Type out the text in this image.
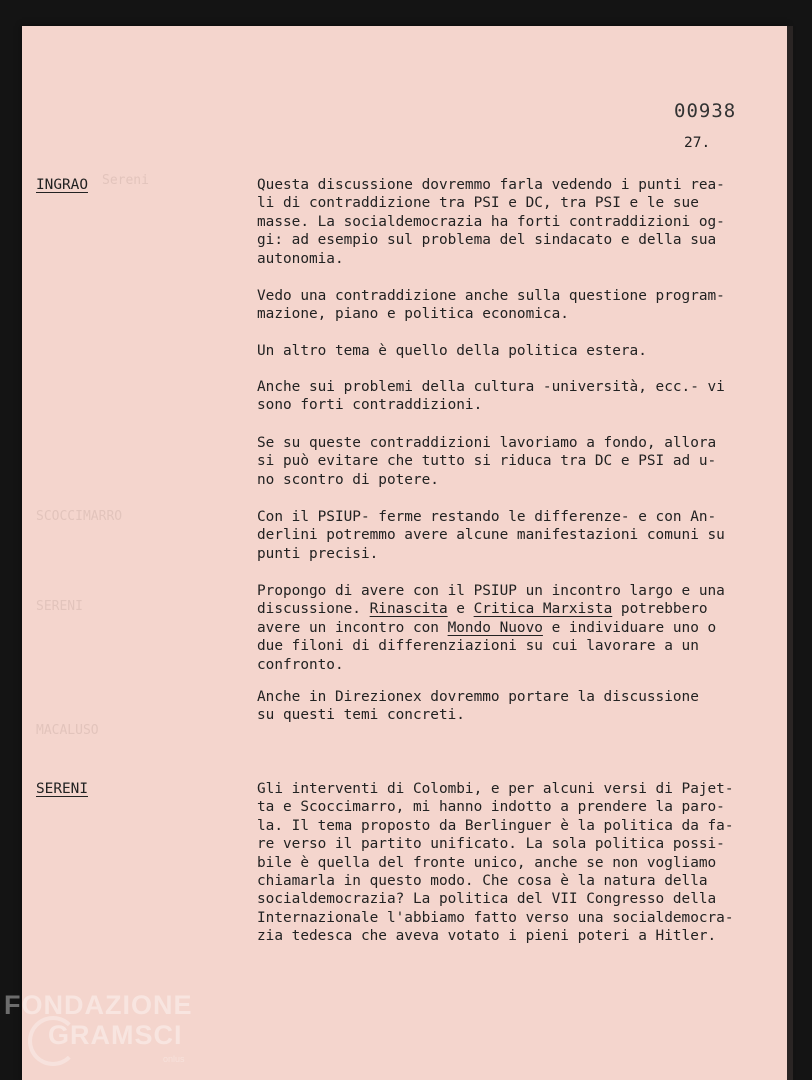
Sereni
SCOCCIMARRO
SERENI
MACALUSO
00938
27.
INGRAO	Questa discussione dovremmo farla vedendo i punti rea-
li di contraddizione tra PSI e DC, tra PSI e le sue
masse. La socialdemocrazia ha forti contraddizioni og-
gi: ad esempio sul problema del sindacato e della sua
autonomia.
Vedo una contraddizione anche sulla questione program-
mazione, piano e politica economica.
Un altro tema è quello della politica estera.
Anche sui problemi della cultura -università, ecc.- vi
sono forti contraddizioni.
Se su queste contraddizioni lavoriamo a fondo, allora
si può evitare che tutto si riduca tra DC e PSI ad u-
no scontro di potere.
Con il PSIUP- ferme restando le differenze- e con An-
derlini potremmo avere alcune manifestazioni comuni su
punti precisi.
Propongo di avere con il PSIUP un incontro largo e una
discussione. Rinascita e Critica Marxista potrebbero
avere un incontro con Mondo Nuovo e individuare uno o
due filoni di differenziazioni su cui lavorare a un
confronto.
Anche in Direzionex dovremmo portare la discussione
su questi temi concreti.
SERENI	Gli interventi di Colombi, e per alcuni versi di Pajet-
ta e Scoccimarro, mi hanno indotto a prendere la paro-
la. Il tema proposto da Berlinguer è la politica da fa-
re verso il partito unificato. La sola politica possi-
bile è quella del fronte unico, anche se non vogliamo
chiamarla in questo modo. Che cosa è la natura della
socialdemocrazia? La politica del VII Congresso della
Internazionale l'abbiamo fatto verso una socialdemocra-
zia tedesca che aveva votato i pieni poteri a Hitler.
FONDAZIONE
GRAMSCI
onlus
